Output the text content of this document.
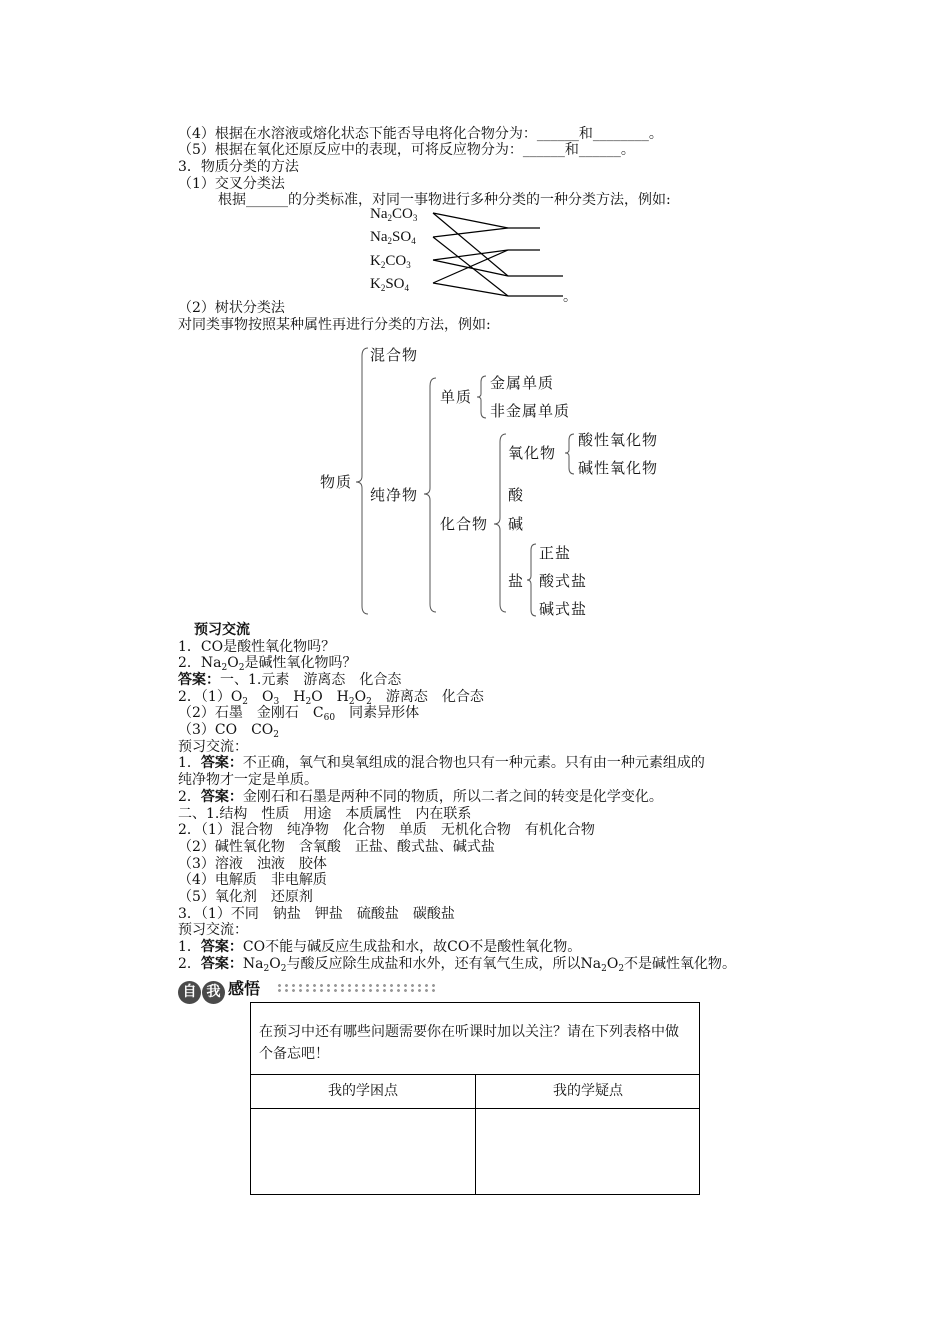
（4）根据在水溶液或熔化状态下能否导电将化合物分为：______和________。
（5）根据在氧化还原反应中的表现，可将反应物分为：______和______。
3．物质分类的方法
（1）交叉分类法
根据______的分类标准，对同一事物进行多种分类的一种分类方法，例如:
$Na_2CO_3$
$Na_2SO_4$
$K_2CO_3$
$K_2SO_4$
。
（2）树状分类法
对同类事物按照某种属性再进行分类的方法，例如:
物质
混合物
纯净物
单质
金属单质
非金属单质
化合物
氧化物
酸性氧化物
碱性氧化物
酸
碱
盐
正盐
酸式盐
碱式盐
预习交流
1．CO是酸性氧化物吗？
2．$Na_2O_2$是碱性氧化物吗？
答案：一、1.元素　游离态　化合态
2．$(1)O_2$　$O_3$　$H_2O$　$H_2O_2$　游离态　化合态
（2）石墨　金刚石　$C_{60}$　同素异形体
（3）CO　$CO_2$
预习交流：
1．答案：不正确，氧气和臭氧组成的混合物也只有一种元素。只有由一种元素组成的
纯净物才一定是单质。
2．答案：金刚石和石墨是两种不同的物质，所以二者之间的转变是化学变化。
二、1.结构　性质　用途　本质属性　内在联系
2．（1）混合物　纯净物　化合物　单质　无机化合物　有机化合物
（2）碱性氧化物　含氧酸　正盐、酸式盐、碱式盐
（3）溶液　浊液　胶体
（4）电解质　非电解质
（5）氧化剂　还原剂
3．（1）不同　钠盐　钾盐　硫酸盐　碳酸盐
预习交流：
1．答案：CO不能与碱反应生成盐和水，故CO不是酸性氧化物。
2．答案：$Na_2O_2$与酸反应除生成盐和水外，还有氧气生成，所以$Na_2O_2$不是碱性氧化物。
自 我 感悟
在预习中还有哪些问题需要你在听课时加以关注？请在下列表格中做个备忘吧！
我的学困点	我的学疑点
